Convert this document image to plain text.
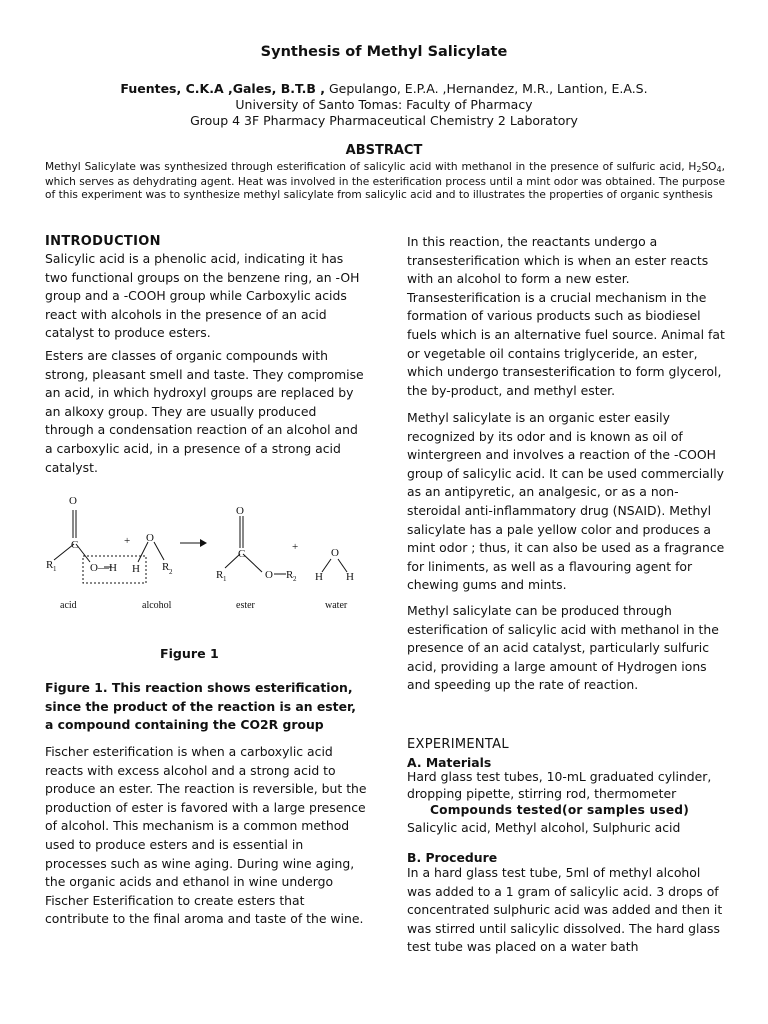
Synthesis of Methyl Salicylate
Fuentes, C.K.A ,Gales, B.T.B , Gepulango, E.P.A. ,Hernandez, M.R., Lantion, E.A.S.
University of Santo Tomas: Faculty of Pharmacy
Group 4 3F Pharmacy Pharmaceutical Chemistry 2 Laboratory
ABSTRACT
Methyl Salicylate was synthesized through esterification of salicylic acid with methanol in the presence of sulfuric acid, $H_2SO_4$, which serves as dehydrating agent. Heat was involved in the esterification process until a mint odor was obtained. The purpose of this experiment was to synthesize methyl salicylate from salicylic acid and to illustrates the properties of organic synthesis
INTRODUCTION
Salicylic acid is a phenolic acid, indicating it has two functional groups on the benzene ring, an -OH group and a -COOH group while Carboxylic acids react with alcohols in the presence of an acid catalyst to produce esters.
Esters are classes of organic compounds with strong, pleasant smell and taste. They compromise an acid, in which hydroxyl groups are replaced by an alkoxy group. They are usually produced through a condensation reaction of an alcohol and a carboxylic acid, in a presence of a strong acid catalyst.
O
C
R 1	O—H
+ O
H R 2
O
C
R 1	O R 2
+	O
H H
acid	alcohol	ester	water
Figure 1
Figure 1. This reaction shows esterification, since the product of the reaction is an ester, a compound containing the CO2R group
Fischer esterification is when a carboxylic acid reacts with excess alcohol and a strong acid to produce an ester. The reaction is reversible, but the production of ester is favored with a large presence of alcohol. This mechanism is a common method used to produce esters and is essential in processes such as wine aging. During wine aging, the organic acids and ethanol in wine undergo Fischer Esterification to create esters that contribute to the final aroma and taste of the wine.
In this reaction, the reactants undergo a transesterification which is when an ester reacts with an alcohol to form a new ester. Transesterification is a crucial mechanism in the formation of various products such as biodiesel fuels which is an alternative fuel source. Animal fat or vegetable oil contains triglyceride, an ester, which undergo transesterification to form glycerol, the by-product, and methyl ester.
Methyl salicylate is an organic ester easily recognized by its odor and is known as oil of wintergreen and involves a reaction of the -COOH group of salicylic acid. It can be used commercially as an antipyretic, an analgesic, or as a non-steroidal anti-inflammatory drug (NSAID). Methyl salicylate has a pale yellow color and produces a mint odor ; thus, it can also be used as a fragrance for liniments, as well as a flavouring agent for chewing gums and mints.
Methyl salicylate can be produced through esterification of salicylic acid with methanol in the presence of an acid catalyst, particularly sulfuric acid, providing a large amount of Hydrogen ions and speeding up the rate of reaction.
EXPERIMENTAL
A. Materials
Hard glass test tubes, 10-mL graduated cylinder, dropping pipette, stirring rod, thermometer
Compounds tested(or samples used)
Salicylic acid, Methyl alcohol, Sulphuric acid
B. Procedure
In a hard glass test tube, 5ml of methyl alcohol was added to a 1 gram of salicylic acid. 3 drops of concentrated sulphuric acid was added and then it was stirred until salicylic dissolved. The hard glass test tube was placed on a water bath
